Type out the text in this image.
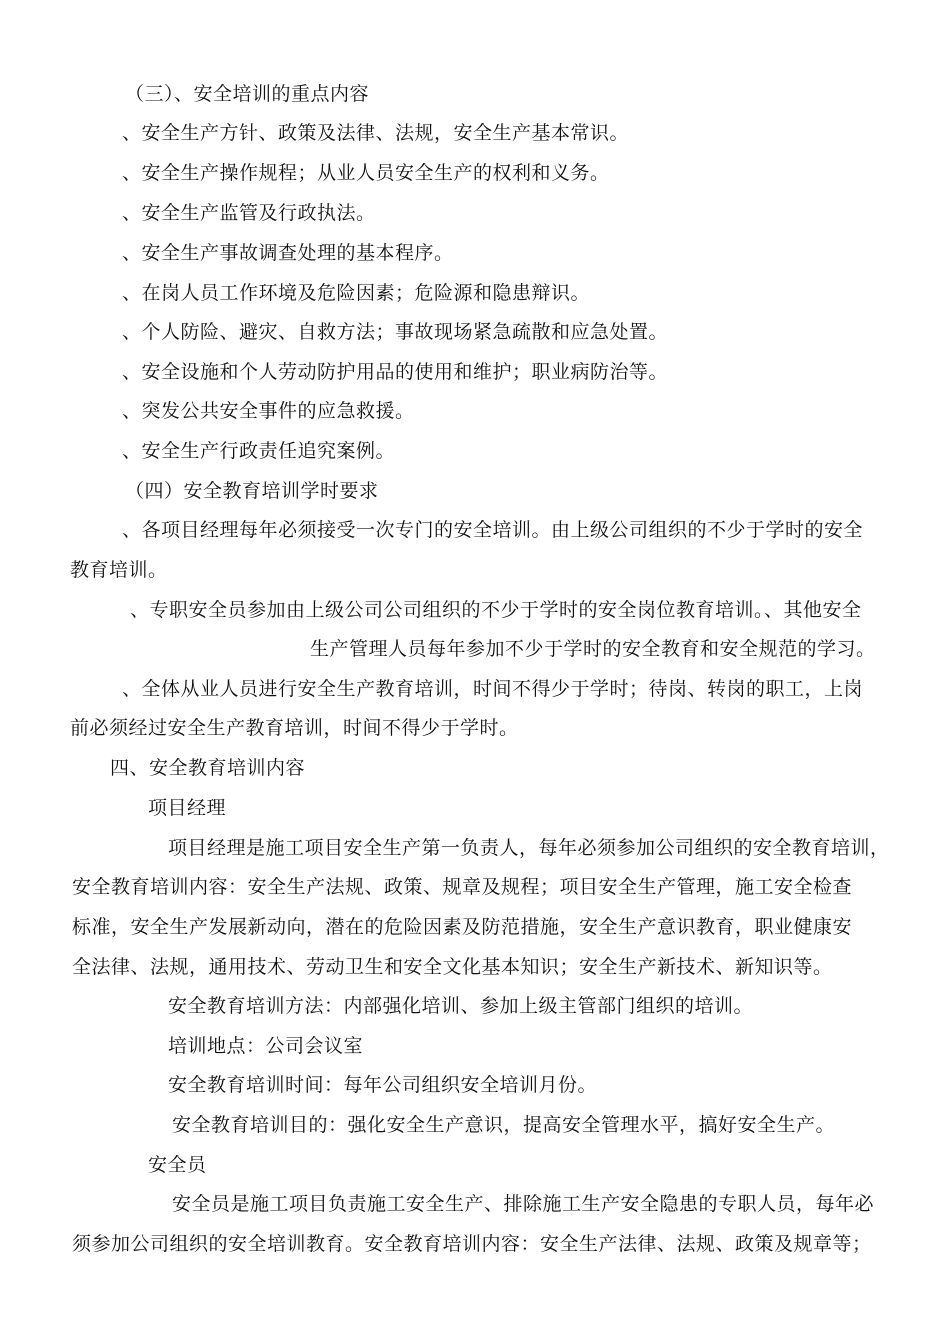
（三）、安全培训的重点内容
、安全生产方针、政策及法律、法规，安全生产基本常识。
、安全生产操作规程；从业人员安全生产的权利和义务。
、安全生产监管及行政执法。
、安全生产事故调查处理的基本程序。
、在岗人员工作环境及危险因素；危险源和隐患辩识。
、个人防险、避灾、自救方法；事故现场紧急疏散和应急处置。
、安全设施和个人劳动防护用品的使用和维护；职业病防治等。
、突发公共安全事件的应急救援。
、安全生产行政责任追究案例。
（四）安全教育培训学时要求
、各项目经理每年必须接受一次专门的安全培训。由上级公司组织的不少于学时的安全
教育培训。
、专职安全员参加由上级公司公司组织的不少于学时的安全岗位教育培训。、其他安全
生产管理人员每年参加不少于学时的安全教育和安全规范的学习。
、全体从业人员进行安全生产教育培训，时间不得少于学时；待岗、转岗的职工，上岗
前必须经过安全生产教育培训，时间不得少于学时。
四、安全教育培训内容
项目经理
项目经理是施工项目安全生产第一负责人，每年必须参加公司组织的安全教育培训，
安全教育培训内容：安全生产法规、政策、规章及规程；项目安全生产管理，施工安全检查
标准，安全生产发展新动向，潜在的危险因素及防范措施，安全生产意识教育，职业健康安
全法律、法规，通用技术、劳动卫生和安全文化基本知识；安全生产新技术、新知识等。
安全教育培训方法：内部强化培训、参加上级主管部门组织的培训。
培训地点：公司会议室
安全教育培训时间：每年公司组织安全培训月份。
安全教育培训目的：强化安全生产意识，提高安全管理水平，搞好安全生产。
安全员
安全员是施工项目负责施工安全生产、排除施工生产安全隐患的专职人员，每年必
须参加公司组织的安全培训教育。安全教育培训内容：安全生产法律、法规、政策及规章等；
